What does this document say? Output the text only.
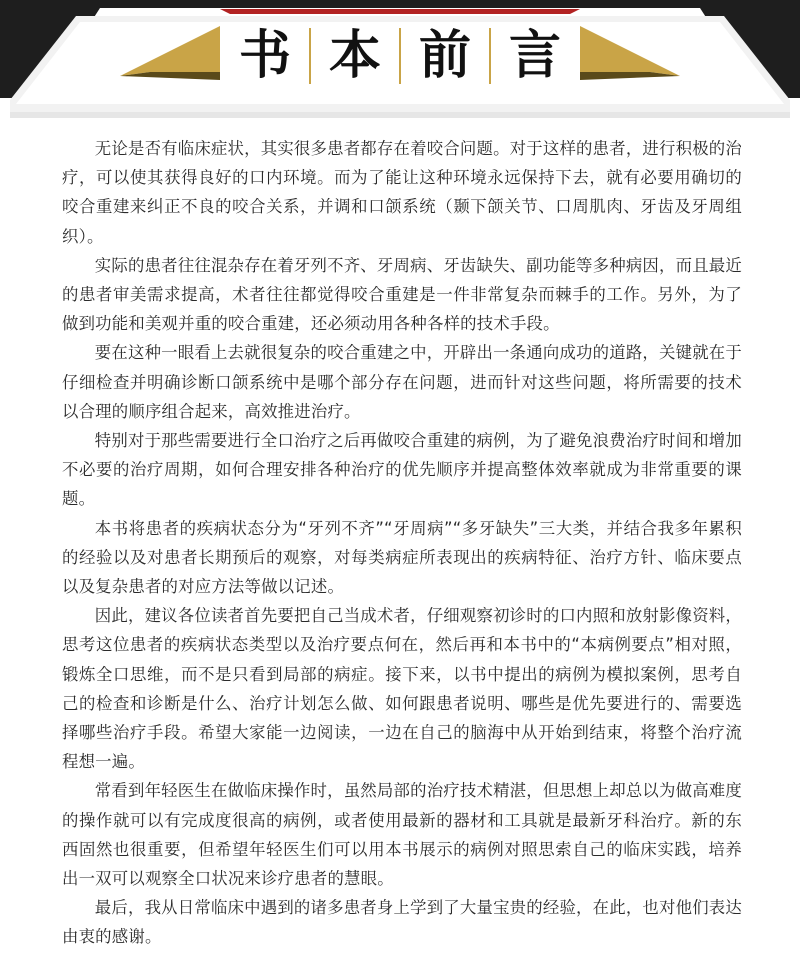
书 本 前 言

无论是否有临床症状，其实很多患者都存在着咬合问题。对于这样的患者，进行积极的治疗，可以使其获得良好的口内环境。而为了能让这种环境永远保持下去，就有必要用确切的咬合重建来纠正不良的咬合关系，并调和口颌系统（颞下颌关节、口周肌肉、牙齿及牙周组织）。

实际的患者往往混杂存在着牙列不齐、牙周病、牙齿缺失、副功能等多种病因，而且最近的患者审美需求提高，术者往往都觉得咬合重建是一件非常复杂而棘手的工作。另外，为了做到功能和美观并重的咬合重建，还必须动用各种各样的技术手段。

要在这种一眼看上去就很复杂的咬合重建之中，开辟出一条通向成功的道路，关键就在于仔细检查并明确诊断口颌系统中是哪个部分存在问题，进而针对这些问题，将所需要的技术以合理的顺序组合起来，高效推进治疗。

特别对于那些需要进行全口治疗之后再做咬合重建的病例，为了避免浪费治疗时间和增加不必要的治疗周期，如何合理安排各种治疗的优先顺序并提高整体效率就成为非常重要的课题。

本书将患者的疾病状态分为“牙列不齐”“牙周病”“多牙缺失”三大类，并结合我多年累积的经验以及对患者长期预后的观察，对每类病症所表现出的疾病特征、治疗方针、临床要点以及复杂患者的对应方法等做以记述。

因此，建议各位读者首先要把自己当成术者，仔细观察初诊时的口内照和放射影像资料，思考这位患者的疾病状态类型以及治疗要点何在，然后再和本书中的“本病例要点”相对照，锻炼全口思维，而不是只看到局部的病症。接下来，以书中提出的病例为模拟案例，思考自己的检查和诊断是什么、治疗计划怎么做、如何跟患者说明、哪些是优先要进行的、需要选择哪些治疗手段。希望大家能一边阅读，一边在自己的脑海中从开始到结束，将整个治疗流程想一遍。

常看到年轻医生在做临床操作时，虽然局部的治疗技术精湛，但思想上却总以为做高难度的操作就可以有完成度很高的病例，或者使用最新的器材和工具就是最新牙科治疗。新的东西固然也很重要，但希望年轻医生们可以用本书展示的病例对照思索自己的临床实践，培养出一双可以观察全口状况来诊疗患者的慧眼。

最后，我从日常临床中遇到的诸多患者身上学到了大量宝贵的经验，在此，也对他们表达由衷的感谢。
